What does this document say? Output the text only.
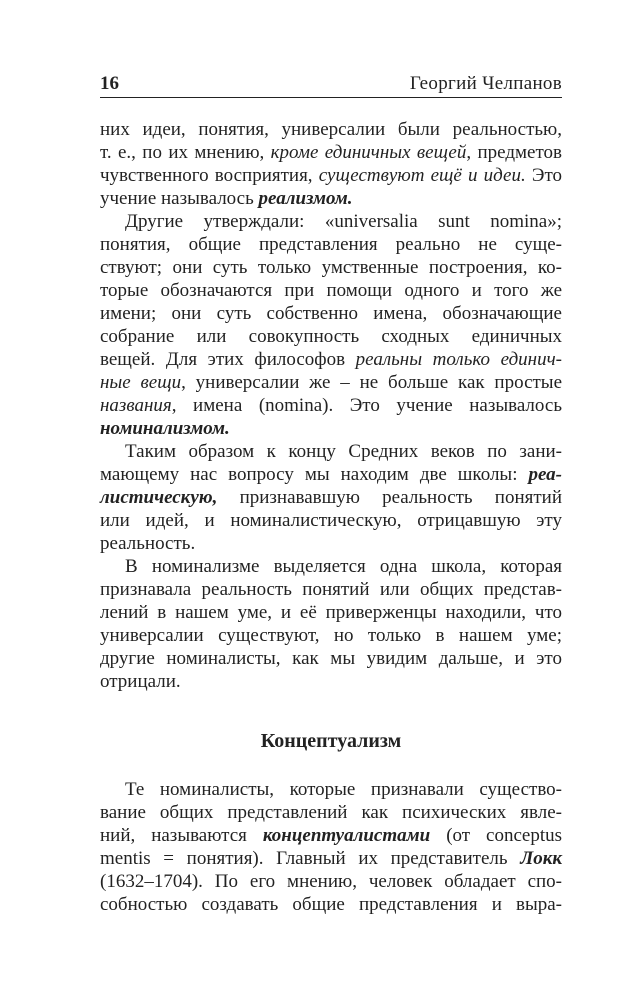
16	Георгий Челпанов
них идеи, понятия, универсалии были реальностью,
т. е., по их мнению, кроме единичных вещей, предметов
чувственного восприятия, существуют ещё и идеи. Это
учение называлось реализмом.
Другие утверждали: «universalia sunt nomina»;
понятия, общие представления реально не суще-
ствуют; они суть только умственные построения, ко-
торые обозначаются при помощи одного и того же
имени; они суть собственно имена, обозначающие
собрание или совокупность сходных единичных
вещей. Для этих философов реальны только единич-
ные вещи, универсалии же – не больше как простые
названия, имена (nomina). Это учение называлось
номинализмом.
Таким образом к концу Средних веков по зани-
мающему нас вопросу мы находим две школы: реа-
листическую, признававшую реальность понятий
или идей, и номиналистическую, отрицавшую эту
реальность.
В номинализме выделяется одна школа, которая
признавала реальность понятий или общих представ-
лений в нашем уме, и её приверженцы находили, что
универсалии существуют, но только в нашем уме;
другие номиналисты, как мы увидим дальше, и это
отрицали.
Концептуализм
Те номиналисты, которые признавали существо-
вание общих представлений как психических явле-
ний, называются концептуалистами (от conceptus
mentis = понятия). Главный их представитель Локк
(1632–1704). По его мнению, человек обладает спо-
собностью создавать общие представления и выра-
